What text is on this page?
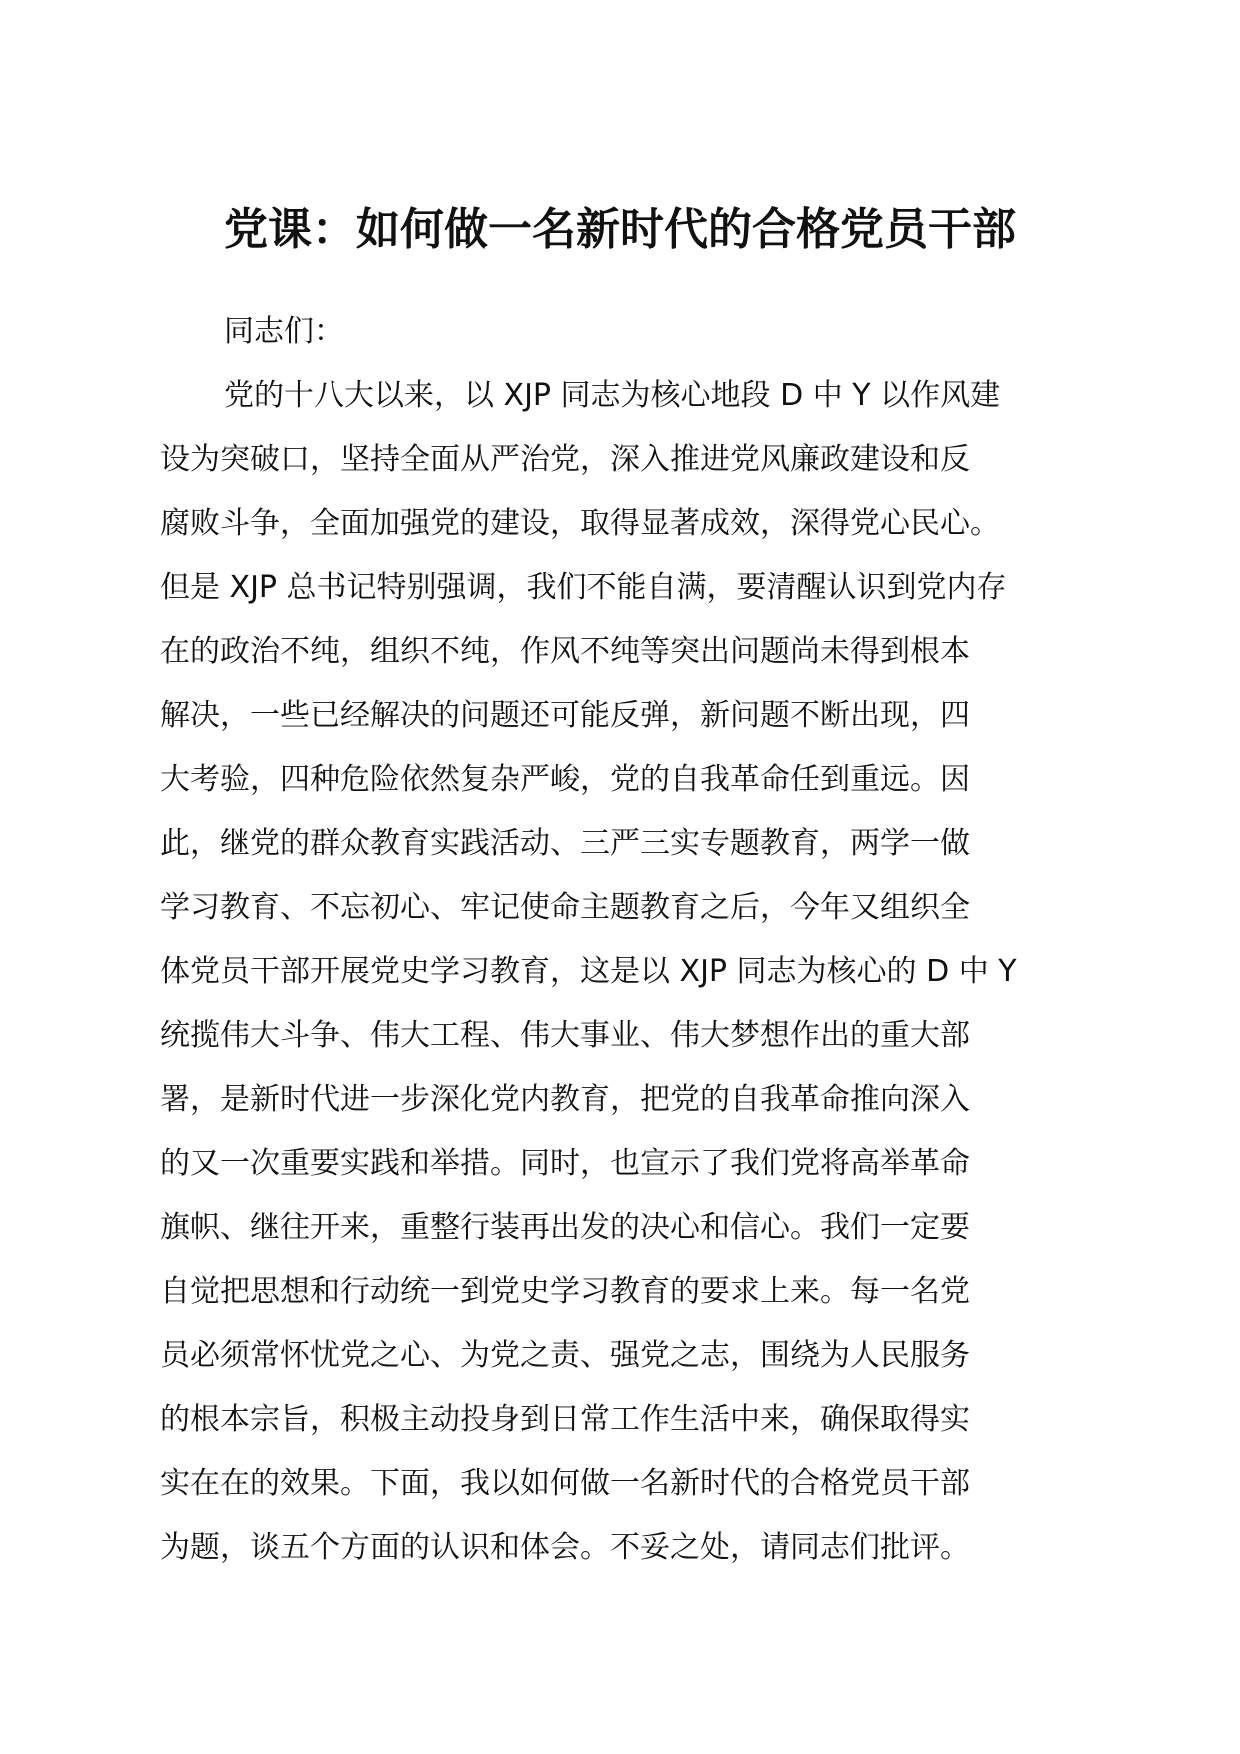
党课：如何做一名新时代的合格党员干部

同志们：

党的十八大以来，以 XJP 同志为核心地段 D 中 Y 以作风建
设为突破口，坚持全面从严治党，深入推进党风廉政建设和反
腐败斗争，全面加强党的建设，取得显著成效，深得党心民心。
但是 XJP 总书记特别强调，我们不能自满，要清醒认识到党内存
在的政治不纯，组织不纯，作风不纯等突出问题尚未得到根本
解决，一些已经解决的问题还可能反弹，新问题不断出现，四
大考验，四种危险依然复杂严峻，党的自我革命任到重远。因
此，继党的群众教育实践活动、三严三实专题教育，两学一做
学习教育、不忘初心、牢记使命主题教育之后，今年又组织全
体党员干部开展党史学习教育，这是以 XJP 同志为核心的 D 中 Y
统揽伟大斗争、伟大工程、伟大事业、伟大梦想作出的重大部
署，是新时代进一步深化党内教育，把党的自我革命推向深入
的又一次重要实践和举措。同时，也宣示了我们党将高举革命
旗帜、继往开来，重整行装再出发的决心和信心。我们一定要
自觉把思想和行动统一到党史学习教育的要求上来。每一名党
员必须常怀忧党之心、为党之责、强党之志，围绕为人民服务
的根本宗旨，积极主动投身到日常工作生活中来，确保取得实
实在在的效果。下面，我以如何做一名新时代的合格党员干部
为题，谈五个方面的认识和体会。不妥之处，请同志们批评。
